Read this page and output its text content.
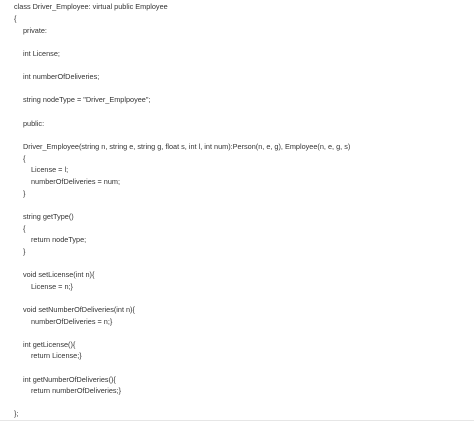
class Driver_Employee: virtual public Employee
{
private:
int License;
int numberOfDeliveries;
string nodeType = "Driver_Emplpoyee";
public:
Driver_Employee(string n, string e, string g, float s, int l, int num):Person(n, e, g), Employee(n, e, g, s)
{
License = l;
numberOfDeliveries = num;
}
string getType()
{
return nodeType;
}
void setLicense(int n){
License = n;}
void setNumberOfDeliveries(int n){
numberOfDeliveries = n;}
int getLicense(){
return License;}
int getNumberOfDeliveries(){
return numberOfDeliveries;}
};
